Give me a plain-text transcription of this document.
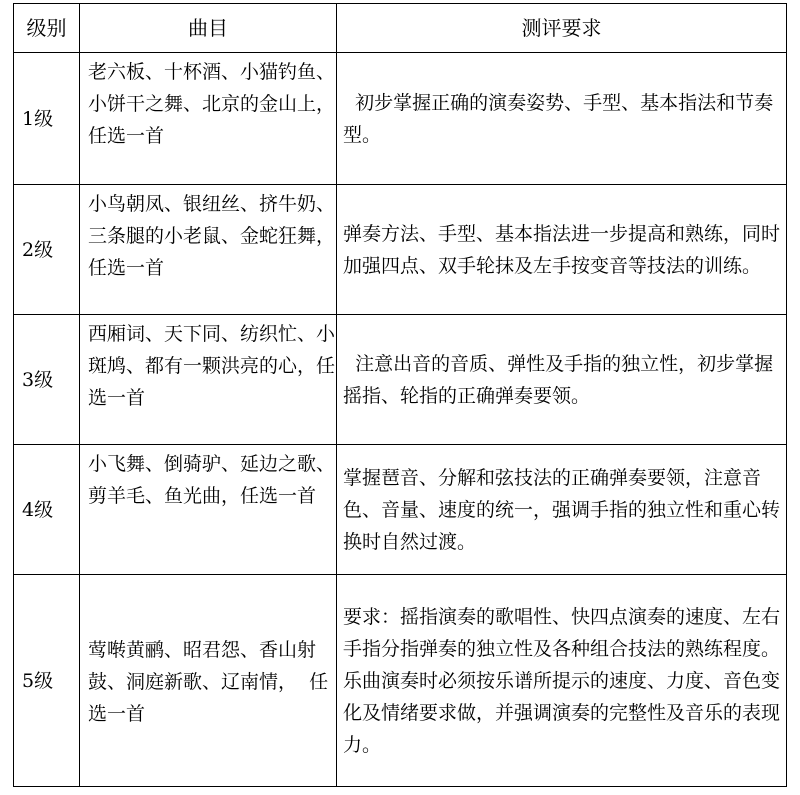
级别	曲目	测评要求
1级	老六板、十杯酒、小猫钓鱼、小饼干之舞、北京的金山上，任选一首	初步掌握正确的演奏姿势、手型、基本指法和节奏型。
2级	小鸟朝凤、银纽丝、挤牛奶、三条腿的小老鼠、金蛇狂舞，任选一首	弹奏方法、手型、基本指法进一步提高和熟练，同时加强四点、双手轮抹及左手按变音等技法的训练。
3级	西厢词、天下同、纺织忙、小斑鸠、都有一颗洪亮的心，任选一首	注意出音的音质、弹性及手指的独立性，初步掌握摇指、轮指的正确弹奏要领。
4级	小飞舞、倒骑驴、延边之歌、剪羊毛、鱼光曲，任选一首	掌握琶音、分解和弦技法的正确弹奏要领，注意音色、音量、速度的统一，强调手指的独立性和重心转换时自然过渡。
5级	莺啭黄鹂、昭君怨、香山射鼓、洞庭新歌、辽南情，  任选一首	要求：摇指演奏的歌唱性、快四点演奏的速度、左右手指分指弹奏的独立性及各种组合技法的熟练程度。乐曲演奏时必须按乐谱所提示的速度、力度、音色变化及情绪要求做，并强调演奏的完整性及音乐的表现力。
